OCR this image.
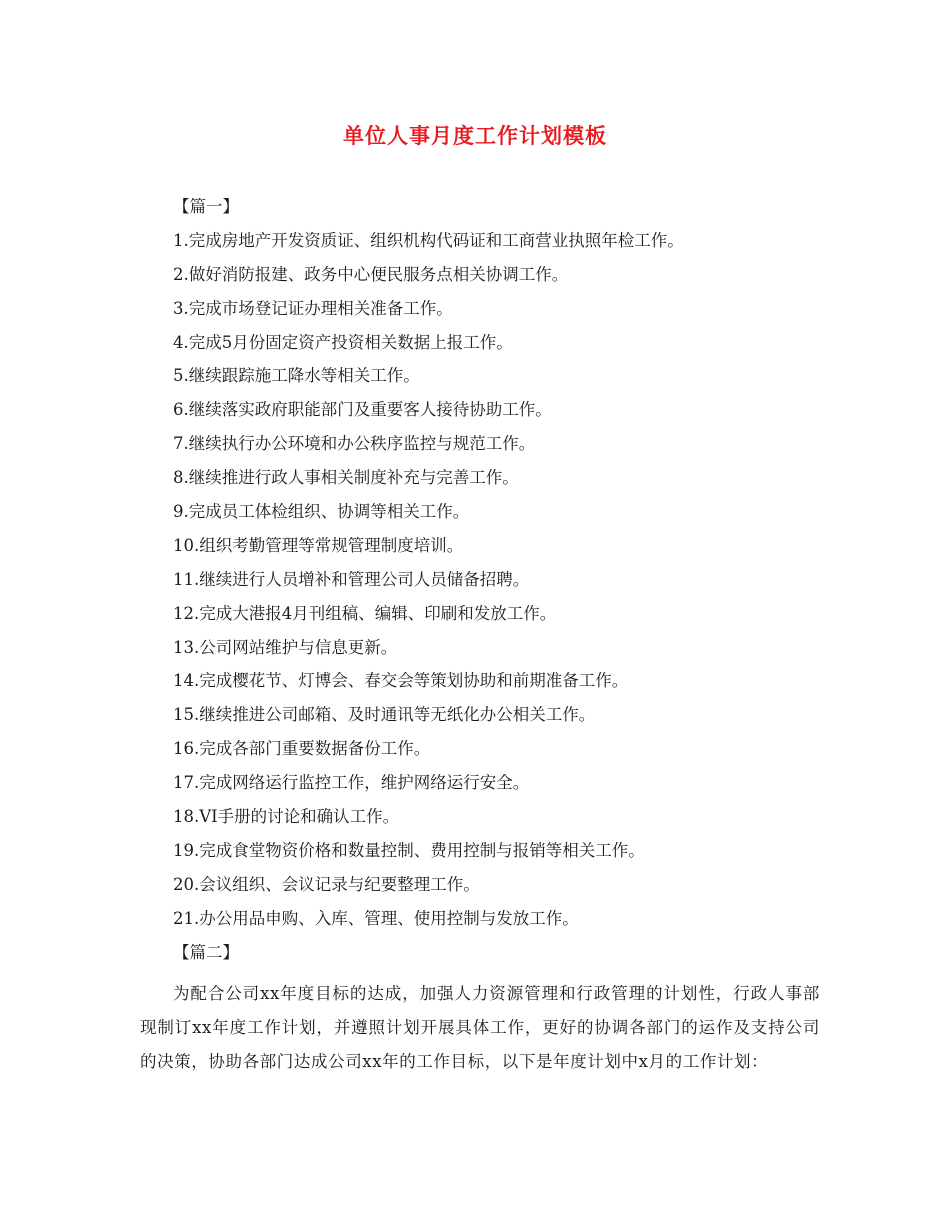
单位人事月度工作计划模板
【篇一】
1.完成房地产开发资质证、组织机构代码证和工商营业执照年检工作。
2.做好消防报建、政务中心便民服务点相关协调工作。
3.完成市场登记证办理相关准备工作。
4.完成5月份固定资产投资相关数据上报工作。
5.继续跟踪施工降水等相关工作。
6.继续落实政府职能部门及重要客人接待协助工作。
7.继续执行办公环境和办公秩序监控与规范工作。
8.继续推进行政人事相关制度补充与完善工作。
9.完成员工体检组织、协调等相关工作。
10.组织考勤管理等常规管理制度培训。
11.继续进行人员增补和管理公司人员储备招聘。
12.完成大港报4月刊组稿、编辑、印刷和发放工作。
13.公司网站维护与信息更新。
14.完成樱花节、灯博会、春交会等策划协助和前期准备工作。
15.继续推进公司邮箱、及时通讯等无纸化办公相关工作。
16.完成各部门重要数据备份工作。
17.完成网络运行监控工作，维护网络运行安全。
18.VI手册的讨论和确认工作。
19.完成食堂物资价格和数量控制、费用控制与报销等相关工作。
20.会议组织、会议记录与纪要整理工作。
21.办公用品申购、入库、管理、使用控制与发放工作。
【篇二】
为配合公司xx年度目标的达成，加强人力资源管理和行政管理的计划性，行政人事部现制订xx年度工作计划，并遵照计划开展具体工作，更好的协调各部门的运作及支持公司的决策，协助各部门达成公司xx年的工作目标，以下是年度计划中x月的工作计划：
